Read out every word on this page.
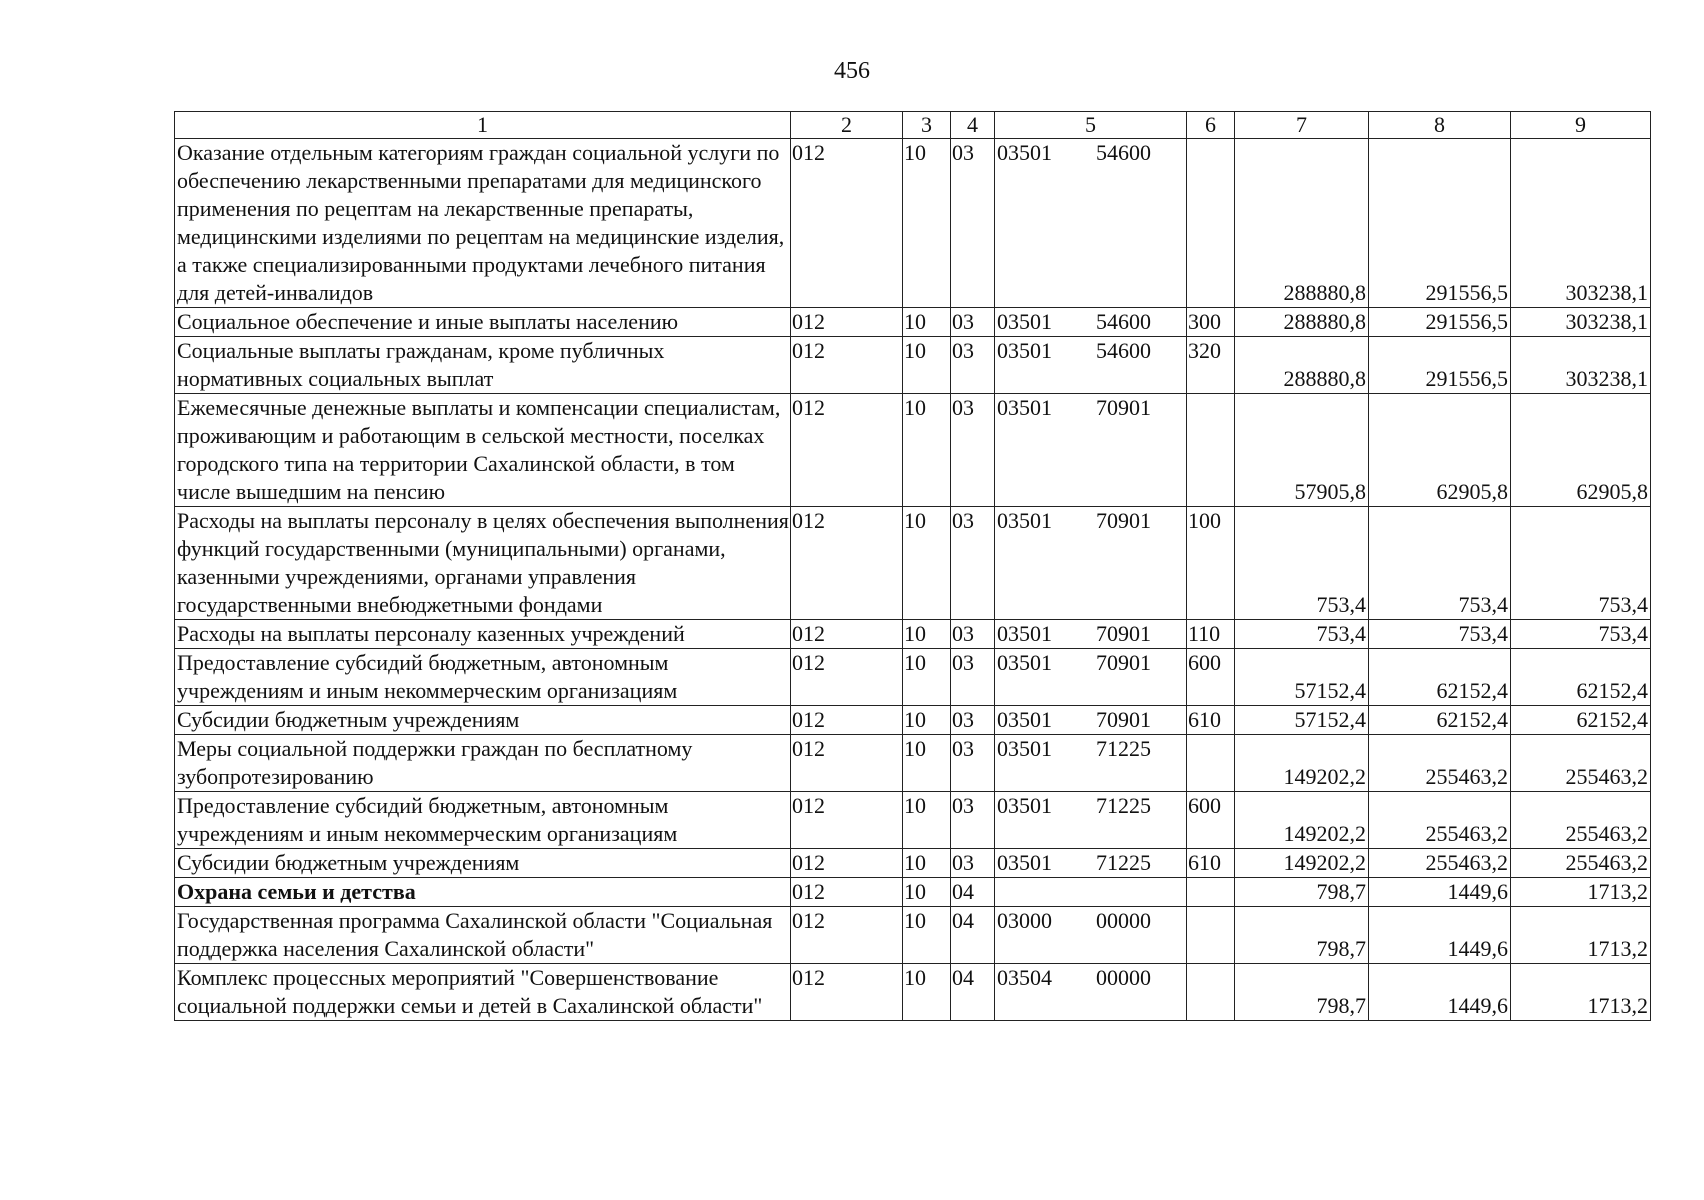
456
1	2	3	4	5	6	7	8	9
Оказание отдельным категориям граждан социальной услуги по обеспечению лекарственными препаратами для медицинского применения по рецептам на лекарственные препараты, медицинскими изделиями по рецептам на медицинские изделия, а также специализированными продуктами лечебного питания для детей-инвалидов	012	10	03	03501 54600		288880,8	291556,5	303238,1
Социальное обеспечение и иные выплаты населению	012	10	03	03501 54600	300	288880,8	291556,5	303238,1
Социальные выплаты гражданам, кроме публичных нормативных социальных выплат	012	10	03	03501 54600	320	288880,8	291556,5	303238,1
Ежемесячные денежные выплаты и компенсации специалистам, проживающим и работающим в сельской местности, поселках городского типа на территории Сахалинской области, в том числе вышедшим на пенсию	012	10	03	03501 70901		57905,8	62905,8	62905,8
Расходы на выплаты персоналу в целях обеспечения выполнения функций государственными (муниципальными) органами, казенными учреждениями, органами управления государственными внебюджетными фондами	012	10	03	03501 70901	100	753,4	753,4	753,4
Расходы на выплаты персоналу казенных учреждений	012	10	03	03501 70901	110	753,4	753,4	753,4
Предоставление субсидий бюджетным, автономным учреждениям и иным некоммерческим организациям	012	10	03	03501 70901	600	57152,4	62152,4	62152,4
Субсидии бюджетным учреждениям	012	10	03	03501 70901	610	57152,4	62152,4	62152,4
Меры социальной поддержки граждан по бесплатному зубопротезированию	012	10	03	03501 71225		149202,2	255463,2	255463,2
Предоставление субсидий бюджетным, автономным учреждениям и иным некоммерческим организациям	012	10	03	03501 71225	600	149202,2	255463,2	255463,2
Субсидии бюджетным учреждениям	012	10	03	03501 71225	610	149202,2	255463,2	255463,2
Охрана семьи и детства	012	10	04			798,7	1449,6	1713,2
Государственная программа Сахалинской области "Социальная поддержка населения Сахалинской области"	012	10	04	03000 00000		798,7	1449,6	1713,2
Комплекс процессных мероприятий "Совершенствование социальной поддержки семьи и детей в Сахалинской области"	012	10	04	03504 00000		798,7	1449,6	1713,2
